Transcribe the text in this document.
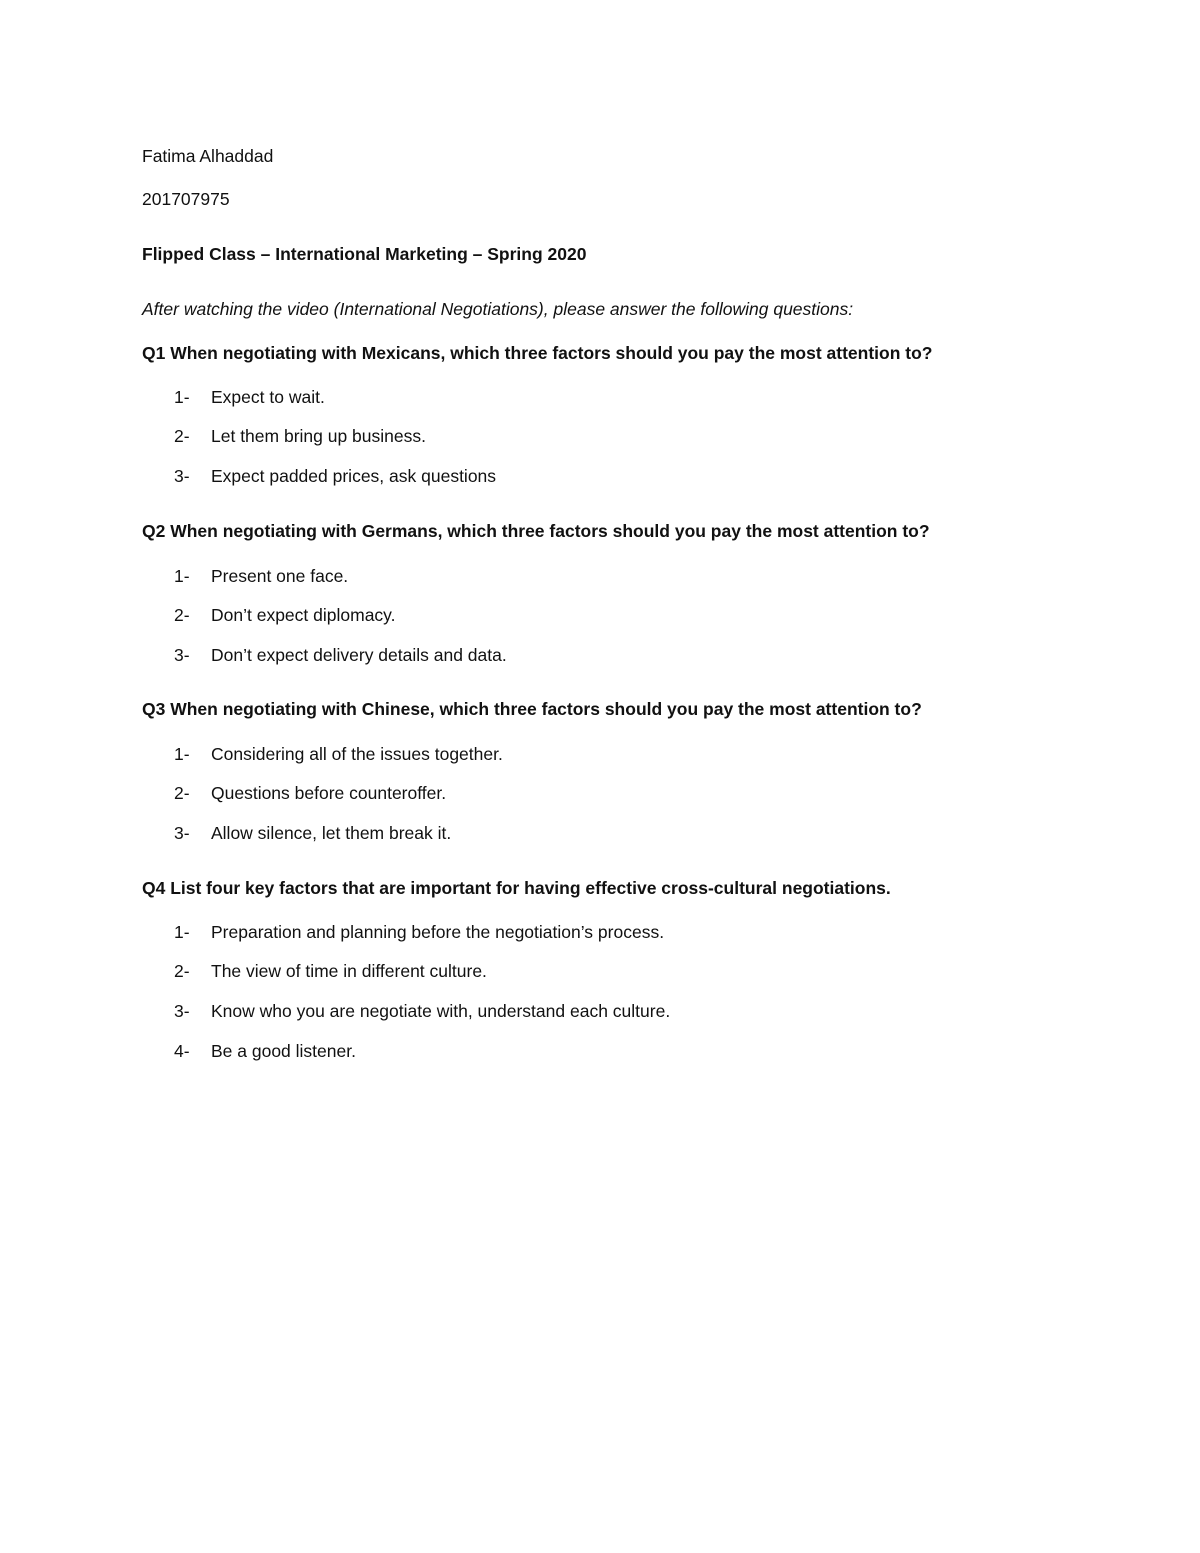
Fatima Alhaddad
201707975
Flipped Class – International Marketing – Spring 2020
After watching the video (International Negotiations), please answer the following questions:
Q1 When negotiating with Mexicans, which three factors should you pay the most attention to?
1- Expect to wait.
2- Let them bring up business.
3- Expect padded prices, ask questions
Q2 When negotiating with Germans, which three factors should you pay the most attention to?
1- Present one face.
2- Don’t expect diplomacy.
3- Don’t expect delivery details and data.
Q3 When negotiating with Chinese, which three factors should you pay the most attention to?
1- Considering all of the issues together.
2- Questions before counteroffer.
3- Allow silence, let them break it.
Q4 List four key factors that are important for having effective cross-cultural negotiations.
1- Preparation and planning before the negotiation’s process.
2- The view of time in different culture.
3- Know who you are negotiate with, understand each culture.
4- Be a good listener.
